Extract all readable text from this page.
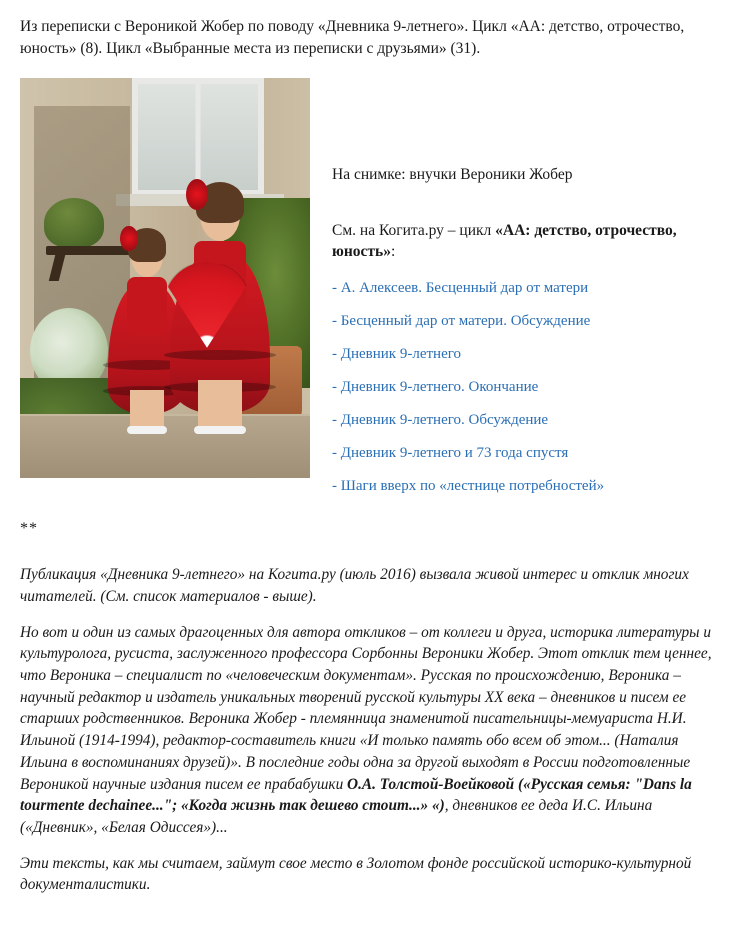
Из переписки с Вероникой Жобер по поводу «Дневника 9-летнего». Цикл «АА: детство, отрочество, юность» (8). Цикл «Выбранные места из переписки с друзьями» (31).

На снимке: внучки Вероники Жобер

См. на Когита.ру – цикл «АА: детство, отрочество, юность»:

- А. Алексеев. Бесценный дар от матери
- Бесценный дар от матери. Обсуждение
- Дневник 9-летнего
- Дневник 9-летнего. Окончание
- Дневник 9-летнего. Обсуждение
- Дневник 9-летнего и 73 года спустя
- Шаги вверх по «лестнице потребностей»
**

Публикация «Дневника 9-летнего» на Когита.ру (июль 2016) вызвала живой интерес и отклик многих читателей. (См. список материалов - выше).

Но вот и один из самых драгоценных для автора откликов – от коллеги и друга, историка литературы и культуролога, русиста, заслуженного профессора Сорбонны Вероники Жобер. Этот отклик тем ценнее, что Вероника – специалист по «человеческим документам». Русская по происхождению, Вероника – научный редактор и издатель уникальных творений русской культуры ХХ века – дневников и писем ее старших родственников. Вероника Жобер - племянница знаменитой писательницы-мемуариста Н.И. Ильиной (1914-1994), редактор-составитель книги «И только память обо всем об этом... (Наталия Ильина в воспоминаниях друзей)». В последние годы одна за другой выходят в России подготовленные Вероникой научные издания писем ее прабабушки О.А. Толстой-Воейковой («Русская семья: "Dans la tourmente dechainee..."; «Когда жизнь так дешево стоит...» «), дневников ее деда И.С. Ильина («Дневник», «Белая Одиссея»)...

Эти тексты, как мы считаем, займут свое место в Золотом фонде российской историко-культурной документалистики.
